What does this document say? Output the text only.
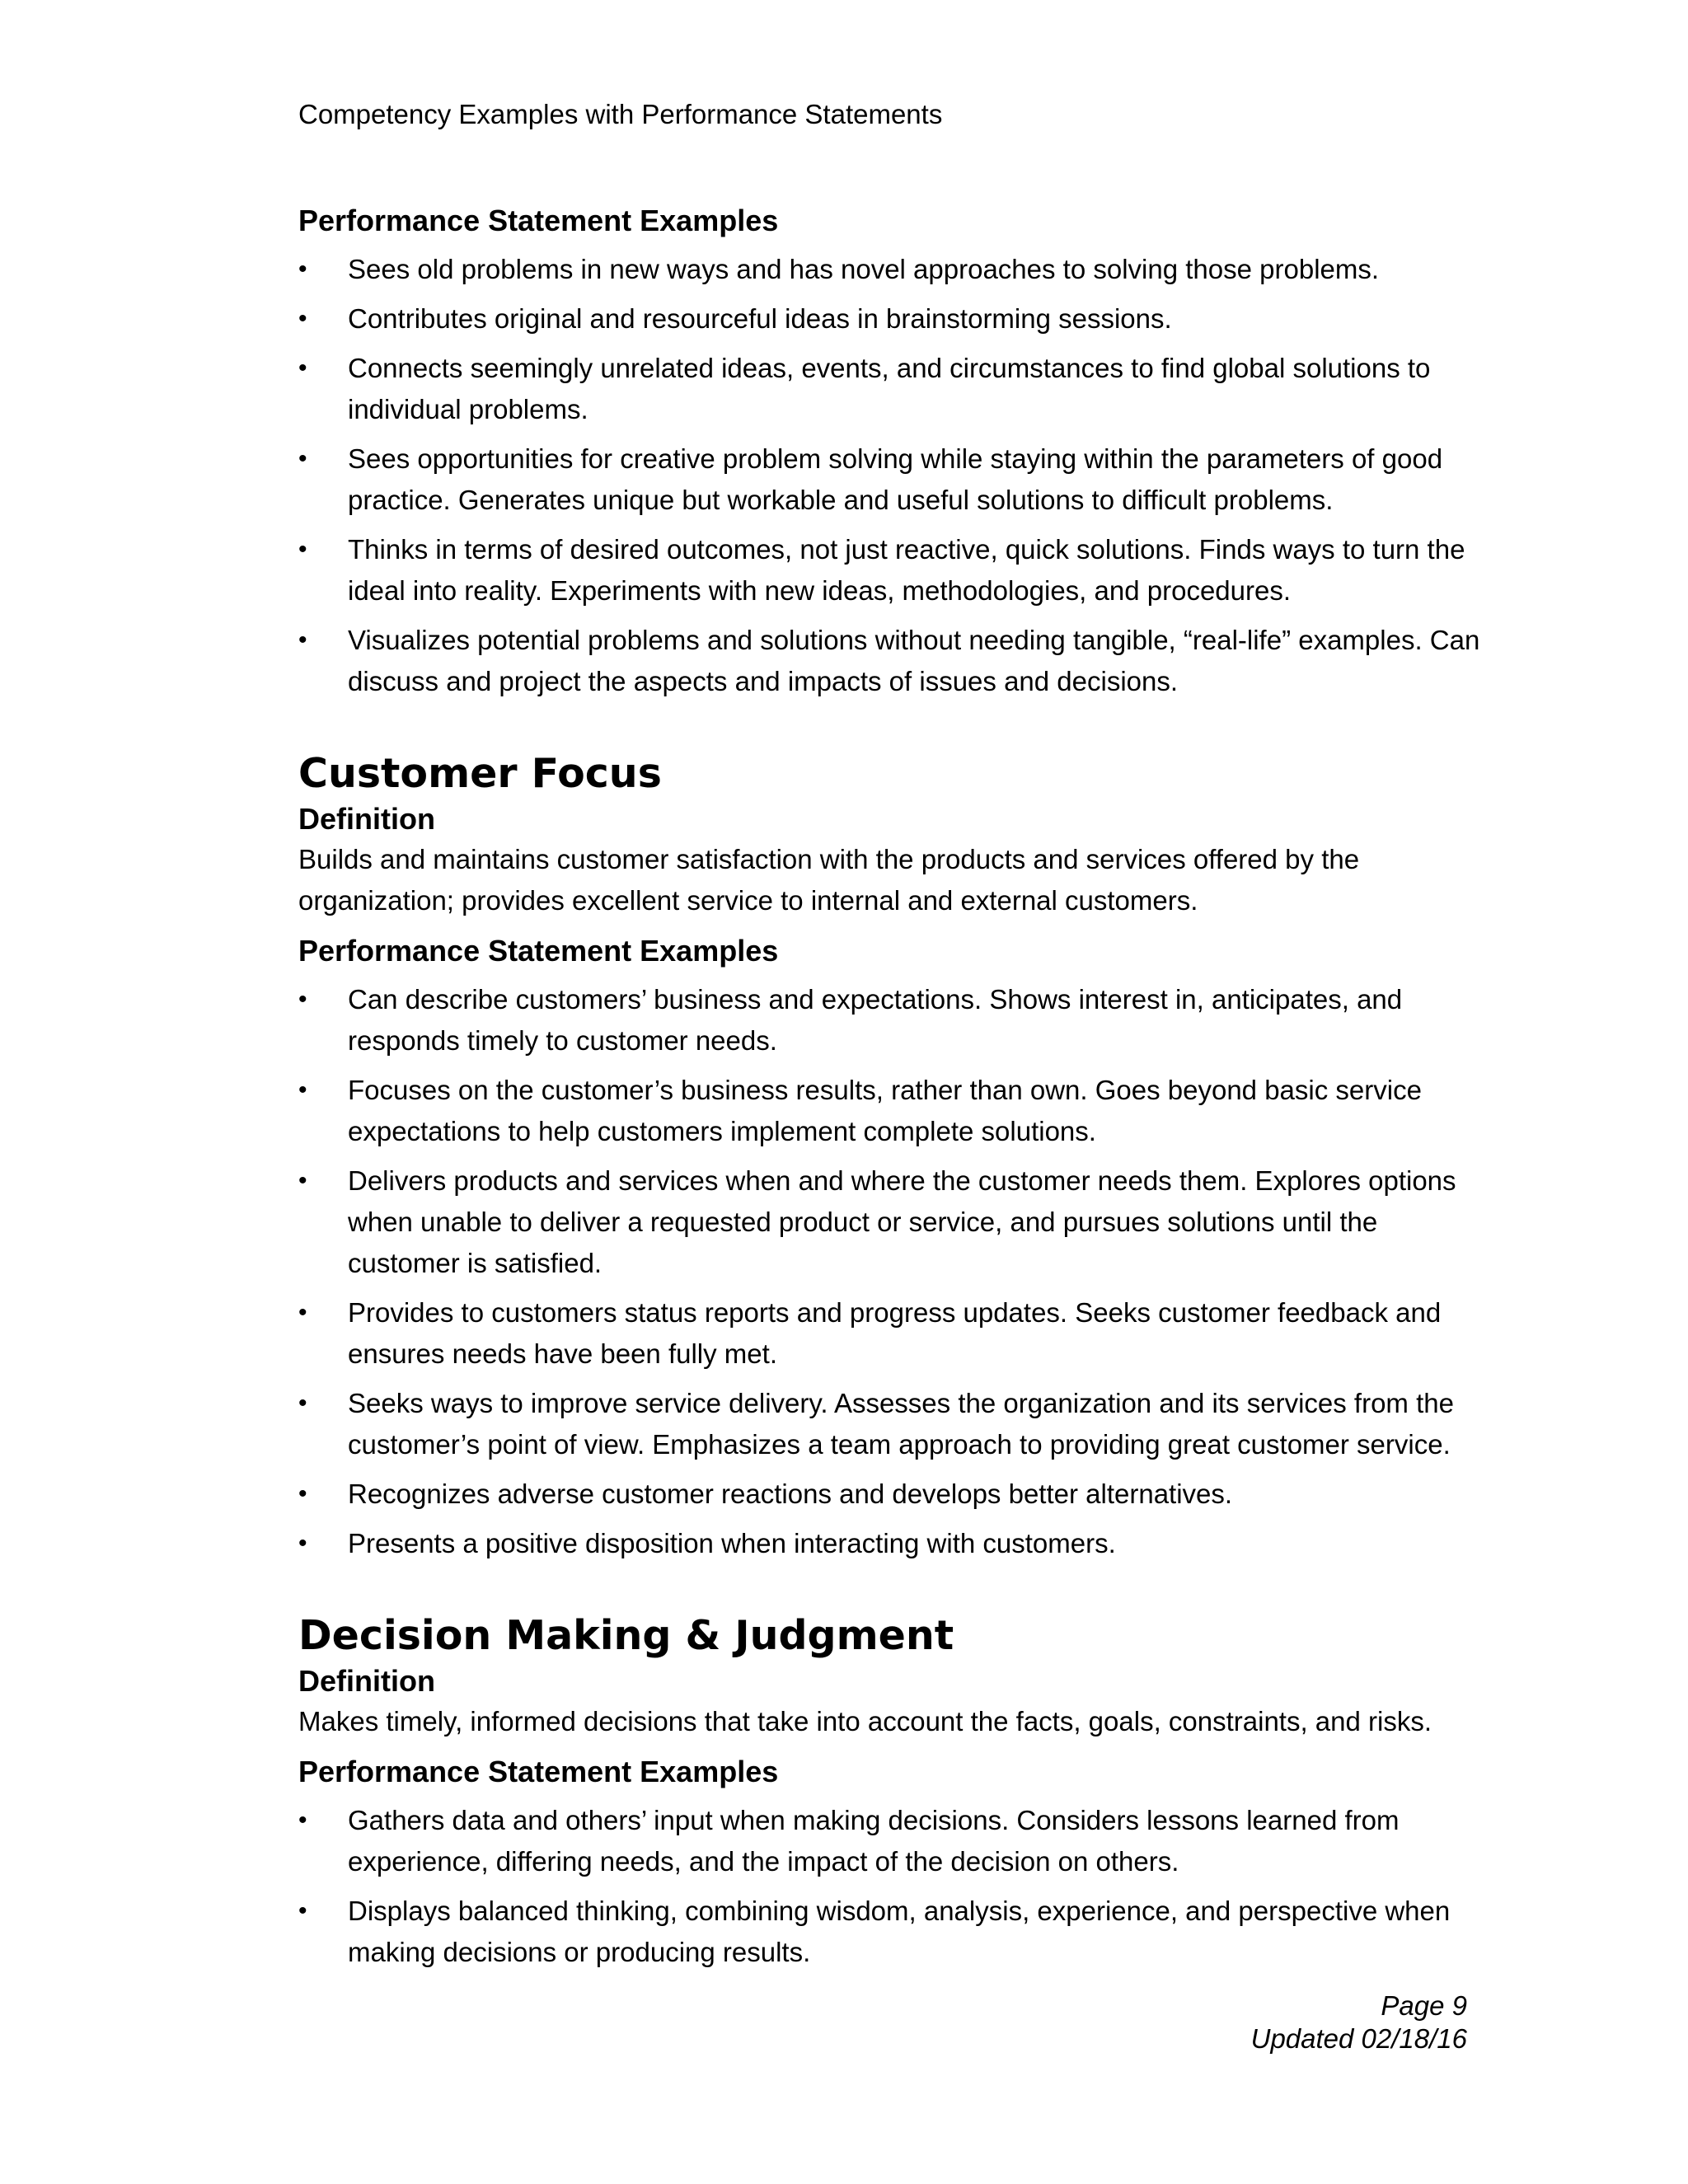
Competency Examples with Performance Statements
Performance Statement Examples
• Sees old problems in new ways and has novel approaches to solving those problems.
• Contributes original and resourceful ideas in brainstorming sessions.
• Connects seemingly unrelated ideas, events, and circumstances to find global solutions to individual problems.
• Sees opportunities for creative problem solving while staying within the parameters of good practice. Generates unique but workable and useful solutions to difficult problems.
• Thinks in terms of desired outcomes, not just reactive, quick solutions. Finds ways to turn the ideal into reality. Experiments with new ideas, methodologies, and procedures.
• Visualizes potential problems and solutions without needing tangible, “real-life” examples. Can discuss and project the aspects and impacts of issues and decisions.
Customer Focus
Definition

Builds and maintains customer satisfaction with the products and services offered by the organization; provides excellent service to internal and external customers.

Performance Statement Examples
• Can describe customers’ business and expectations. Shows interest in, anticipates, and responds timely to customer needs.
• Focuses on the customer’s business results, rather than own. Goes beyond basic service expectations to help customers implement complete solutions.
• Delivers products and services when and where the customer needs them. Explores options when unable to deliver a requested product or service, and pursues solutions until the customer is satisfied.
• Provides to customers status reports and progress updates. Seeks customer feedback and ensures needs have been fully met.
• Seeks ways to improve service delivery. Assesses the organization and its services from the customer’s point of view. Emphasizes a team approach to providing great customer service.
• Recognizes adverse customer reactions and develops better alternatives.
• Presents a positive disposition when interacting with customers.
Decision Making & Judgment
Definition

Makes timely, informed decisions that take into account the facts, goals, constraints, and risks.

Performance Statement Examples
• Gathers data and others’ input when making decisions. Considers lessons learned from experience, differing needs, and the impact of the decision on others.
• Displays balanced thinking, combining wisdom, analysis, experience, and perspective when making decisions or producing results.
Page 9
Updated 02/18/16
